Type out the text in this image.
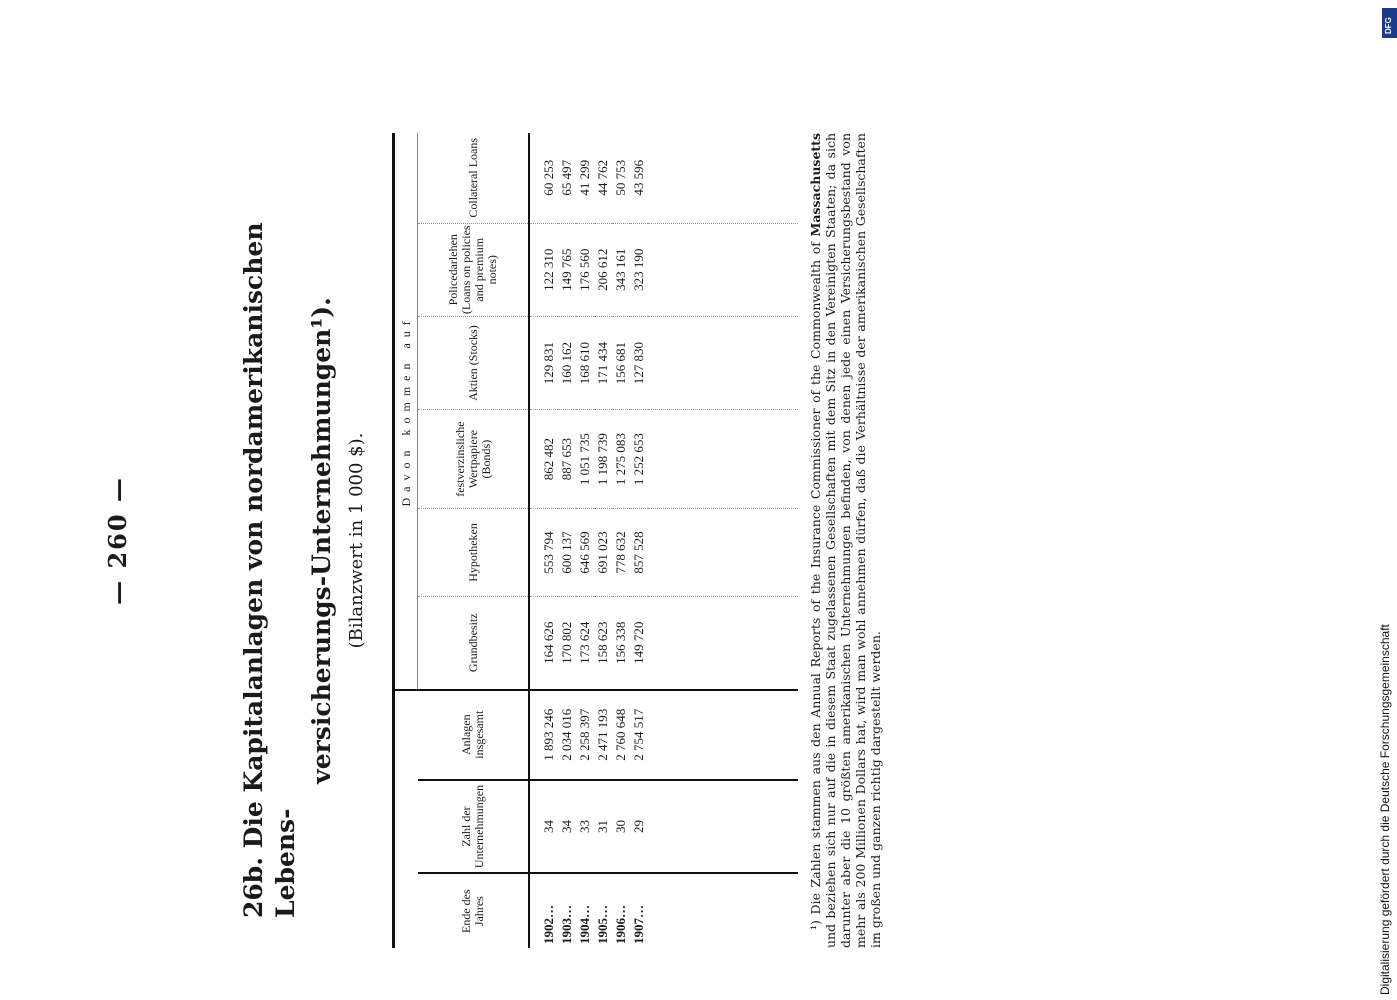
— 260 —	26b. Die Kapitalanlagen von nordamerikanischen Lebens-
versicherungs-Unternehmungen¹). (Bilanzwert in 1 000 $).
			Davon kommen auf					
Ende des Jahres	Zahl der Unternehmungen	Anlagen insgesamt	Grundbesitz	Hypotheken	festverzinsliche Wertpapiere (Bonds)	Aktien (Stocks)	Policedarlehen (Loans on policies and premium notes)	Collateral Loans
1902…	34	1 893 246	164 626	553 794	862 482	129 831	122 310	60 253
1903…	34	2 034 016	170 802	600 137	887 653	160 162	149 765	65 497
1904…	33	2 258 397	173 624	646 569	1 051 735	168 610	176 560	41 299
1905…	31	2 471 193	158 623	691 023	1 198 739	171 434	206 612	44 762
1906…	30	2 760 648	156 338	778 632	1 275 083	156 681	343 161	50 753
1907…	29	2 754 517	149 720	857 528	1 252 653	127 830	323 190	43 596

¹) Die Zahlen stammen aus den Annual Reports of the Insurance Commissioner of the Commonwealth of Massachusetts und beziehen sich nur auf die in diesem Staat zugelassenen Gesellschaften mit dem Sitz in den Vereinigten Staaten; da sich darunter aber die 10 größten amerikanischen Unternehmungen befinden, von denen jede einen Versicherungsbestand von mehr als 200 Millionen Dollars hat, wird man wohl annehmen dürfen, daß die Verhältnisse der amerikanischen Gesellschaften im großen und ganzen richtig dargestellt werden.	Digitalisierung gefördert durch die Deutsche Forschungsgemeinschaft
DFG
